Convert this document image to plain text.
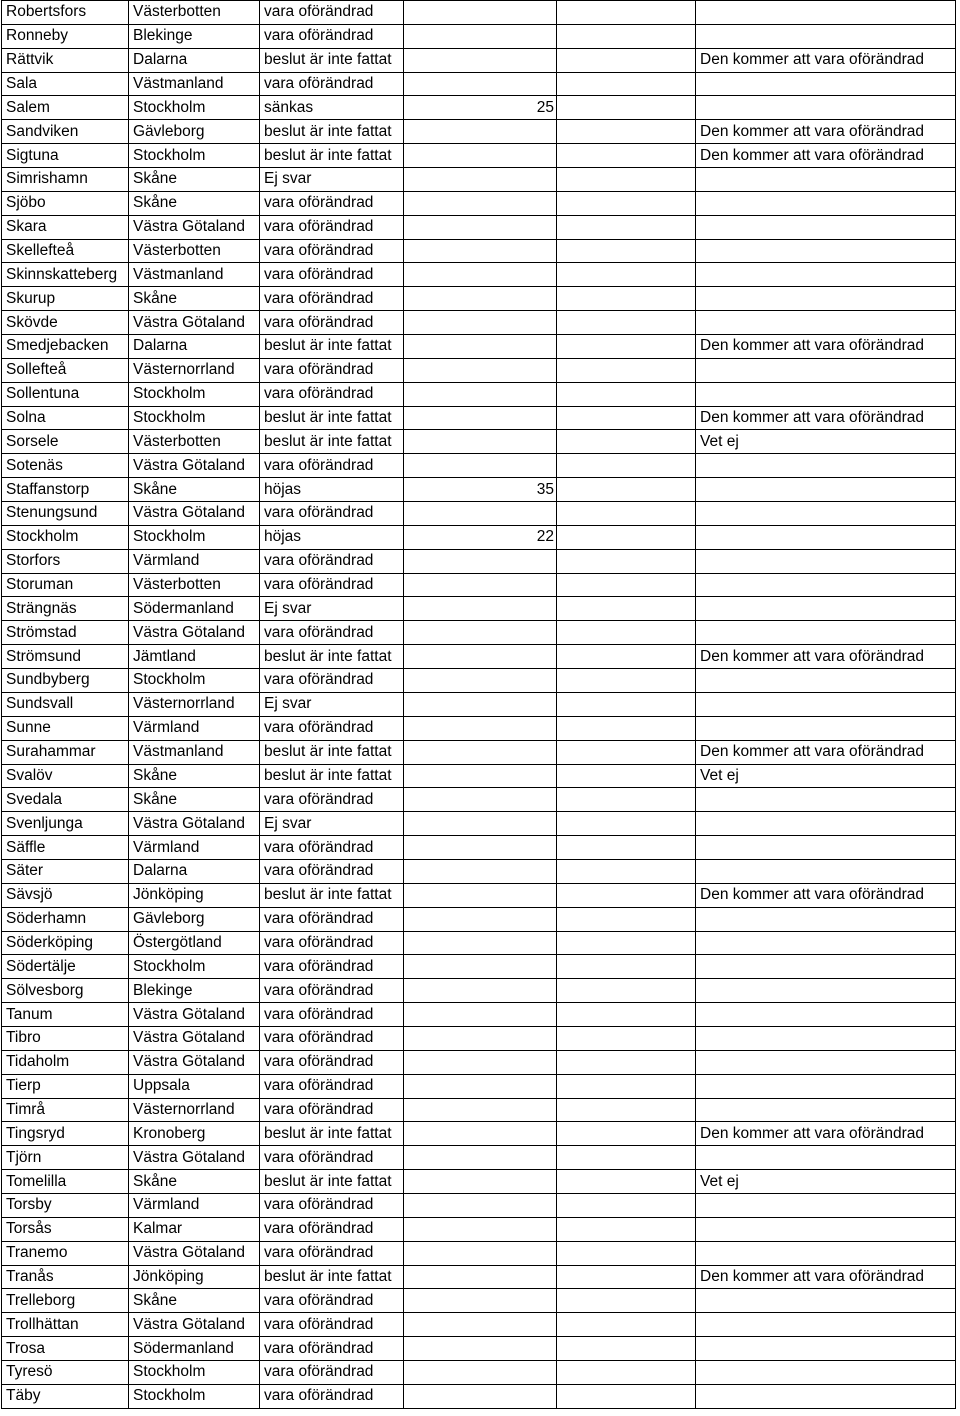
Robertsfors	Västerbotten	vara oförändrad			
Ronneby	Blekinge	vara oförändrad			
Rättvik	Dalarna	beslut är inte fattat			Den kommer att vara oförändrad
Sala	Västmanland	vara oförändrad			
Salem	Stockholm	sänkas	25		
Sandviken	Gävleborg	beslut är inte fattat			Den kommer att vara oförändrad
Sigtuna	Stockholm	beslut är inte fattat			Den kommer att vara oförändrad
Simrishamn	Skåne	Ej svar			
Sjöbo	Skåne	vara oförändrad			
Skara	Västra Götaland	vara oförändrad			
Skellefteå	Västerbotten	vara oförändrad			
Skinnskatteberg	Västmanland	vara oförändrad			
Skurup	Skåne	vara oförändrad			
Skövde	Västra Götaland	vara oförändrad			
Smedjebacken	Dalarna	beslut är inte fattat			Den kommer att vara oförändrad
Sollefteå	Västernorrland	vara oförändrad			
Sollentuna	Stockholm	vara oförändrad			
Solna	Stockholm	beslut är inte fattat			Den kommer att vara oförändrad
Sorsele	Västerbotten	beslut är inte fattat			Vet ej
Sotenäs	Västra Götaland	vara oförändrad			
Staffanstorp	Skåne	höjas	35		
Stenungsund	Västra Götaland	vara oförändrad			
Stockholm	Stockholm	höjas	22		
Storfors	Värmland	vara oförändrad			
Storuman	Västerbotten	vara oförändrad			
Strängnäs	Södermanland	Ej svar			
Strömstad	Västra Götaland	vara oförändrad			
Strömsund	Jämtland	beslut är inte fattat			Den kommer att vara oförändrad
Sundbyberg	Stockholm	vara oförändrad			
Sundsvall	Västernorrland	Ej svar			
Sunne	Värmland	vara oförändrad			
Surahammar	Västmanland	beslut är inte fattat			Den kommer att vara oförändrad
Svalöv	Skåne	beslut är inte fattat			Vet ej
Svedala	Skåne	vara oförändrad			
Svenljunga	Västra Götaland	Ej svar			
Säffle	Värmland	vara oförändrad			
Säter	Dalarna	vara oförändrad			
Sävsjö	Jönköping	beslut är inte fattat			Den kommer att vara oförändrad
Söderhamn	Gävleborg	vara oförändrad			
Söderköping	Östergötland	vara oförändrad			
Södertälje	Stockholm	vara oförändrad			
Sölvesborg	Blekinge	vara oförändrad			
Tanum	Västra Götaland	vara oförändrad			
Tibro	Västra Götaland	vara oförändrad			
Tidaholm	Västra Götaland	vara oförändrad			
Tierp	Uppsala	vara oförändrad			
Timrå	Västernorrland	vara oförändrad			
Tingsryd	Kronoberg	beslut är inte fattat			Den kommer att vara oförändrad
Tjörn	Västra Götaland	vara oförändrad			
Tomelilla	Skåne	beslut är inte fattat			Vet ej
Torsby	Värmland	vara oförändrad			
Torsås	Kalmar	vara oförändrad			
Tranemo	Västra Götaland	vara oförändrad			
Tranås	Jönköping	beslut är inte fattat			Den kommer att vara oförändrad
Trelleborg	Skåne	vara oförändrad			
Trollhättan	Västra Götaland	vara oförändrad			
Trosa	Södermanland	vara oförändrad			
Tyresö	Stockholm	vara oförändrad			
Täby	Stockholm	vara oförändrad			
